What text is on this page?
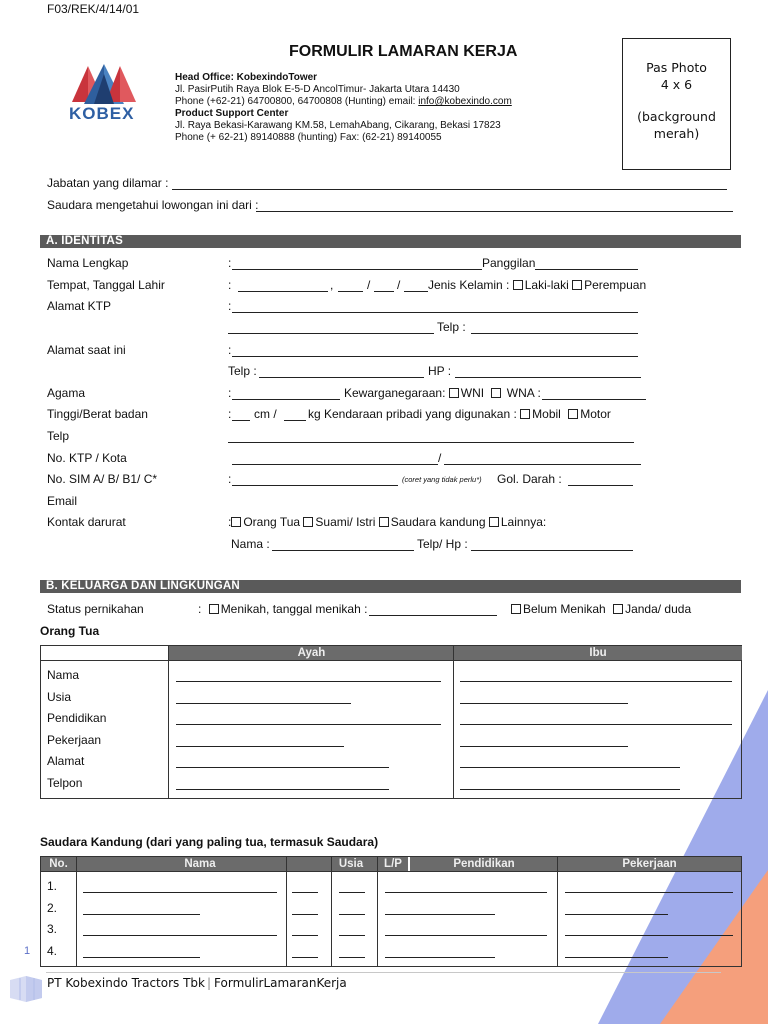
F03/REK/4/14/01
KOBEX
FORMULIR LAMARAN KERJA
Head Office: KobexindoTower
Jl. PasirPutih Raya Blok E-5-D AncolTimur- Jakarta Utara 14430
Phone (+62-21) 64700800, 64700808 (Hunting) email: info@kobexindo.com
Product Support Center
Jl. Raya Bekasi-Karawang KM.58, LemahAbang, Cikarang, Bekasi 17823
Phone (+ 62-21) 89140888 (hunting) Fax: (62-21) 89140055
Pas Photo
4 x 6
(background
merah)
Jabatan yang dilamar :
Saudara mengetahui lowongan ini dari :
A. IDENTITAS
Nama Lengkap	:	Panggilan
Tempat, Tanggal Lahir	:	,	/ / Jenis Kelamin : Laki-laki Perempuan
Alamat KTP	:
Telp :
Alamat saat ini	:
Telp :	HP :
Agama	:	Kewarganegaraan: WNI WNA :
Tinggi/Berat badan	: cm /	kg Kendaraan pribadi yang digunakan : Mobil Motor
Telp
No. KTP / Kota	/
No. SIM A/ B/ B1/ C*	:	(coret yang tidak perlu*) Gol. Darah :
Email
Kontak darurat	: Orang Tua Suami/ Istri Saudara kandung Lainnya:
Nama :	Telp/ Hp :
B. KELUARGA DAN LINGKUNGAN
Status pernikahan	: Menikah, tanggal menikah :	Belum Menikah Janda/ duda
Orang Tua
Ayah	Ibu
Nama
Usia
Pendidikan
Pekerjaan
Alamat
Telpon
Saudara Kandung (dari yang paling tua, termasuk Saudara)
No.	Nama	Usia	L/P	Pendidikan	Pekerjaan
1.
2.
3.
4.
1
PT Kobexindo Tractors Tbk | FormulirLamaranKerja
